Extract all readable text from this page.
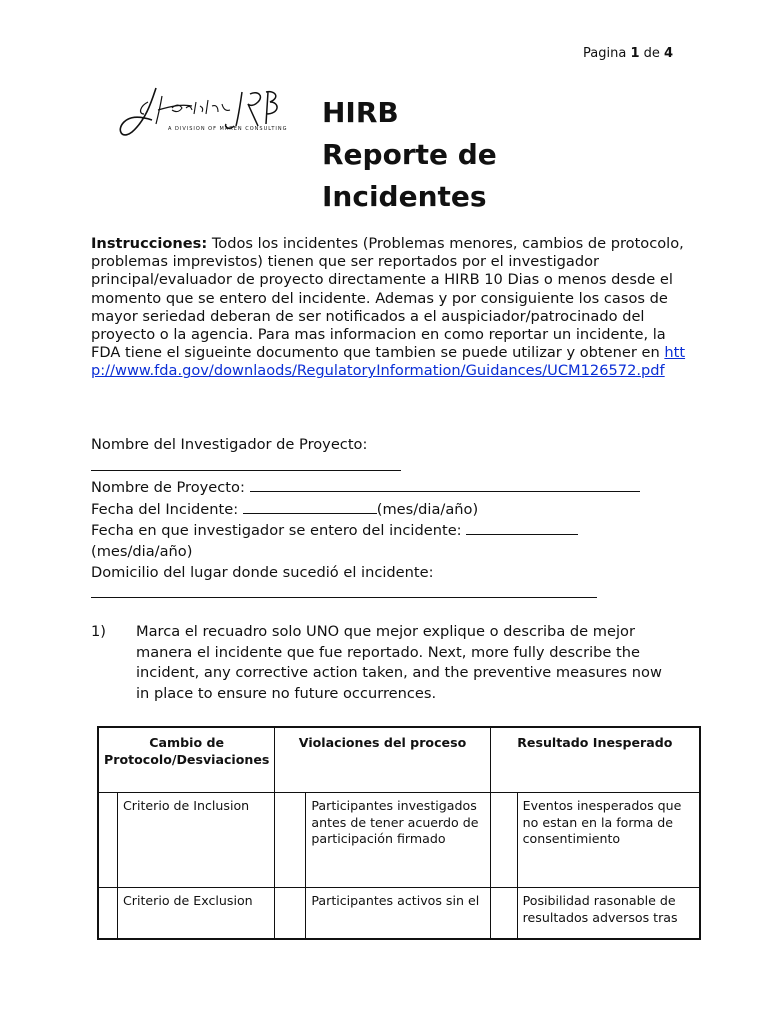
Pagina 1 de 4
A DIVISION OF MAREN CONSULTING HIRB
Reporte de
Incidentes
Instrucciones: Todos los incidentes (Problemas menores, cambios de protocolo, problemas imprevistos) tienen que ser reportados por el investigador principal/evaluador de proyecto directamente a HIRB 10 Dias o menos desde el momento que se entero del incidente. Ademas y por consiguiente los casos de mayor seriedad deberan de ser notificados a el auspiciador/patrocinado del proyecto o la agencia. Para mas informacion en como reportar un incidente, la FDA tiene el sigueinte documento que tambien se puede utilizar y obtener en http://www.fda.gov/downlaods/RegulatoryInformation/Guidances/UCM126572.pdf
Nombre del Investigador de Proyecto:
Nombre de Proyecto:
Fecha del Incidente:	(mes/dia/año)
Fecha en que investigador se entero del incidente:
(mes/dia/año)
Domicilio del lugar donde sucedió el incidente:
1) Marca el recuadro solo UNO que mejor explique o describa de mejor manera el incidente que fue reportado. Next, more fully describe the incident, any corrective action taken, and the preventive measures now in place to ensure no future occurrences.
Cambio de Protocolo/Desviaciones		Violaciones del proceso		Resultado Inesperado	
	Criterio de Inclusion		Participantes investigados antes de tener acuerdo de participación firmado		Eventos inesperados que no estan en la forma de consentimiento
	Criterio de Exclusion		Participantes activos sin el		Posibilidad rasonable de resultados adversos tras
